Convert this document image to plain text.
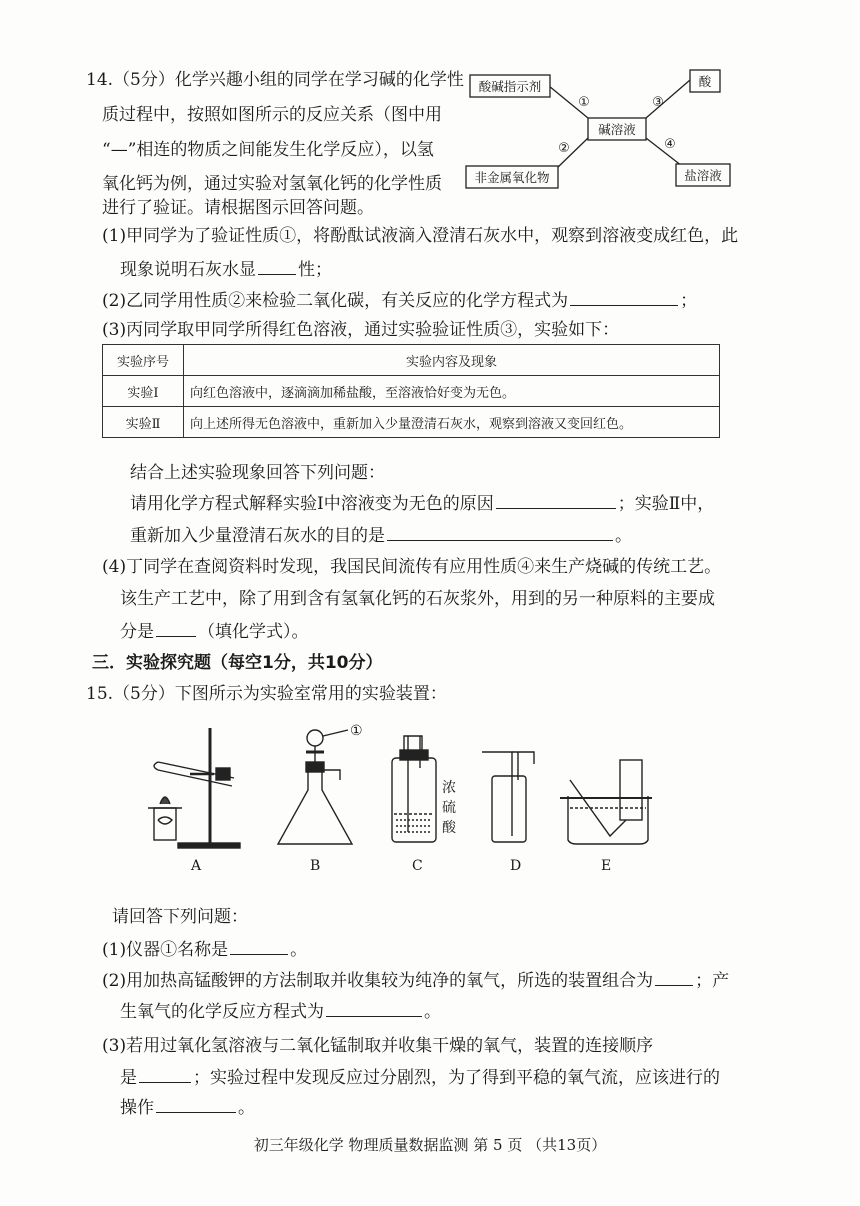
14.（5分）化学兴趣小组的同学在学习碱的化学性
质过程中，按照如图所示的反应关系（图中用
“—”相连的物质之间能发生化学反应），以氢
氧化钙为例，通过实验对氢氧化钙的化学性质
进行了验证。请根据图示回答问题。
碱溶液
酸碱指示剂	酸
非金属氧化物	盐溶液
①	③
②	④
(1)甲同学为了验证性质①，将酚酞试液滴入澄清石灰水中，观察到溶液变成红色，此
现象说明石灰水显 性；
(2)乙同学用性质②来检验二氧化碳，有关反应的化学方程式为	；
(3)丙同学取甲同学所得红色溶液，通过实验验证性质③，实验如下：
实验序号	实验内容及现象
实验Ⅰ	向红色溶液中，逐滴滴加稀盐酸，至溶液恰好变为无色。
实验Ⅱ	向上述所得无色溶液中，重新加入少量澄清石灰水，观察到溶液又变回红色。
结合上述实验现象回答下列问题：
请用化学方程式解释实验Ⅰ中溶液变为无色的原因	；实验Ⅱ中，
重新加入少量澄清石灰水的目的是	。
(4)丁同学在查阅资料时发现，我国民间流传有应用性质④来生产烧碱的传统工艺。
该生产工艺中，除了用到含有氢氧化钙的石灰浆外，用到的另一种原料的主要成
分是	（填化学式）。
三．实验探究题（每空1分，共10分）
15.（5分）下图所示为实验室常用的实验装置：
①
浓
硫
酸
A	B	C	D	E
请回答下列问题：
(1)仪器①名称是	。
(2)用加热高锰酸钾的方法制取并收集较为纯净的氧气，所选的装置组合为 ；产
生氧气的化学反应方程式为	。
(3)若用过氧化氢溶液与二氧化锰制取并收集干燥的氧气，装置的连接顺序
是	；实验过程中发现反应过分剧烈，为了得到平稳的氧气流，应该进行的
操作	。
初三年级化学 物理质量数据监测 第 5 页 （共13页）
